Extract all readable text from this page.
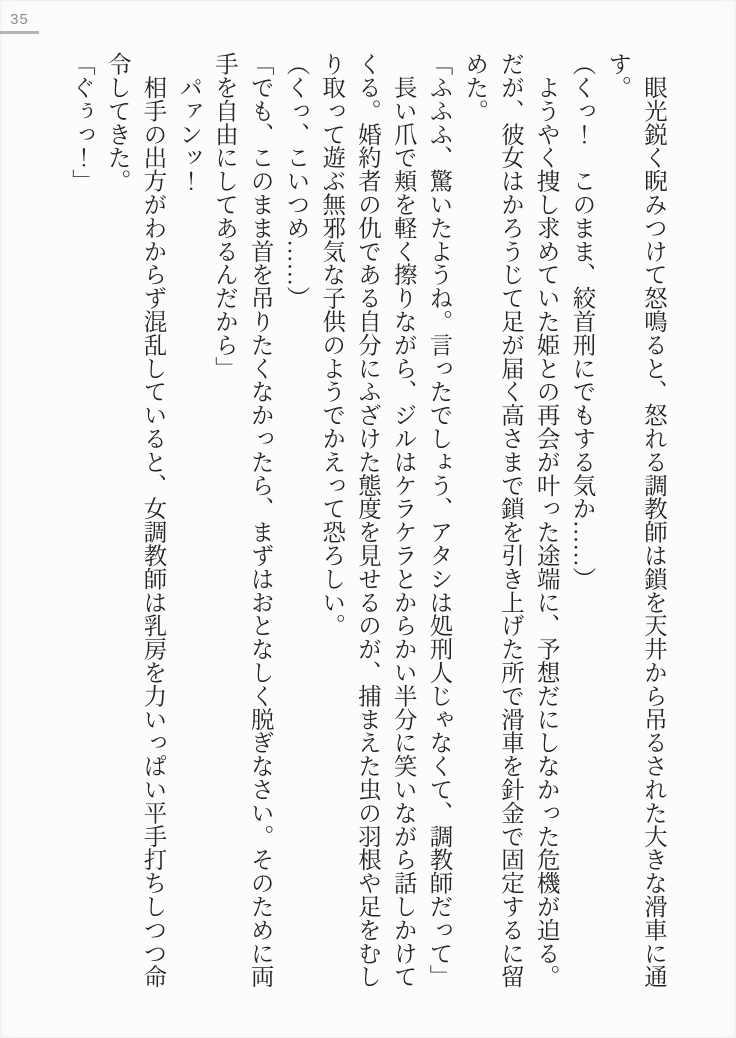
35
　眼光鋭く睨みつけて怒鳴ると、怒れる調教師は鎖を天井から吊るされた大きな滑車に通
す。
（くっ！　このまま、絞首刑にでもする気か……）
　ようやく捜し求めていた姫との再会が叶った途端に、予想だにしなかった危機が迫る。
だが、彼女はかろうじて足が届く高さまで鎖を引き上げた所で滑車を針金で固定するに留
めた。
「ふふふ、驚いたようね。言ったでしょう、アタシは処刑人じゃなくて、調教師だって」
　長い爪で頬を軽く擦りながら、ジルはケラケラとからかい半分に笑いながら話しかけて
くる。婚約者の仇である自分にふざけた態度を見せるのが、捕まえた虫の羽根や足をむし
り取って遊ぶ無邪気な子供のようでかえって恐ろしい。
（くっ、こいつめ……）
「でも、このまま首を吊りたくなかったら、まずはおとなしく脱ぎなさい。そのために両
手を自由にしてあるんだから」
　パァンッ！
　相手の出方がわからず混乱していると、女調教師は乳房を力いっぱい平手打ちしつつ命
令してきた。
「ぐぅっ！」
